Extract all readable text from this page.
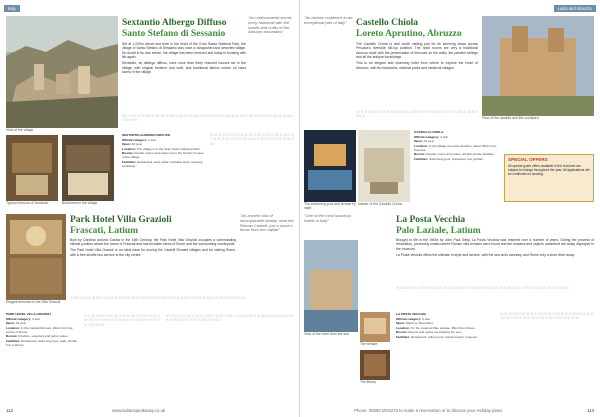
Italy
View of the village
Typical interiors of Sextantio	Bedrooms in the village
Sextantio Albergo Diffuso
Santo Stefano di Sessanio
"An undiscovered secret, richly historical with the smells and crafts of the Abruzzo mountains"

Set at 1,000m above sea level in the heart of the Gran Sasso National Park, the village of Santo Stefano di Sessanio was once a vanquished and deserted village. No doubt in its own sense, the village has been restored and today is bursting with life again.

Sextantio, an albergo diffuso, uses more than thirty restored houses set in the village, with original furniture and craft, and traditional fabrics woven on hand looms in the village.

lllllll lll llllll lllll llll lllllll lll llllll lllll llll lllllll lll llllll lllll llll lllllll lll llllll lllll llll lllllll lll llllll lllll llll lllllll lll llllll lllll llll lllllll lll llllll lllll llll lllllll lll llllll lllll llll
SEXTANTIO ALBERGO DIFFUSO
Official category: 4 star
Open: All year
Location: The village is in the Gran Sasso National Park.
Rooms: Double rooms and suites set in the historic houses of the village.
Facilities: Restaurant, wine cellar, herbalist shop, weaving workshop.
llll lllll lll llllll llll lllll lll llllll llll lllll lll llllll llll lllll lll llllll llll lllll lll llllll llll lllll lll llllll llll lllll lll llllll llll lllll lll llllll llll lllll lll llllll llll lllll lll llllll
Elegant frescoes in the Villa Grazioli
Park Hotel Villa Grazioli
Frascati, Latium
"An ancient villa of incomparable beauty, near the Roman Castelli, just a stone's throw from the capital"

Built by Cardinal Antonio Carafa in the 16th Century, the Park Hotel Villa Grazioli occupies a commanding hillside position above the towns of Frascati and has enviable views of Rome and the surrounding countryside.

The Park Hotel Villa Grazioli is an ideal base for touring the Castelli Romani villages and for visiting Rome, with a free shuttle bus service to the city centre.

llll lllllll lll llll lllll llll lllllll lll llll lllll llll lllllll lll llll lllll llll lllllll lll llll lllll llll lllllll lll llll lllll llll lllllll lll llll lllll llll lllllll lll llll lllll llll lllllll lll llll lllll
PARK HOTEL VILLA GRAZIOLI
Official category: 4 star
Open: All year
Location: In the Castelli Romani, 20km from the centre of Rome.
Rooms: Doubles, superiors and junior suites.
Facilities: Restaurant, swimming pool, park, shuttle bus to Rome.
lll llll lllll llllll lll llll lllll llllll lll llll lllll llllll lll llll lllll llllll lll llll lllll llllll lll llll lllll llllll lll llll lllll llllll lll llll lllll llllll lll llll lllll llllll lll llll lllll llllll
llllll lll llll lllll lll llllll lll llll lllll lll llllll lll llll lllll lll llllll lll llll lllll lll llllll lll llll lllll lll llllll lll llll lllll lll llllll lll llll lllll lll llllll lll llll lllll lll llllll lll llll lllll lll
112	www.italianspeakeasy.co.uk
Lazio and Abruzzo
"An historic residence in an exceptional part of Italy" Castello Chiola
Loreto Aprutino, Abruzzo
View of the castello and the courtyard

The Castello Chiola is well worth visiting just for its stunning views across Pescara's riverside hill-top position. The hotel rooms are very a traditional Abruzzo style with the preservation of frescoes on the walls, the painted ceilings and all the antique furnishings.

This is an elegant and charming hotel from where to explore the heart of Abruzzo, with its mountains, national parks and medieval villages.

lllll llll lll lllllll llll lllll llll lll lllllll llll lllll llll lll lllllll llll lllll llll lll lllllll llll lllll llll lll lllllll llll lllll llll lll lllllll llll
The swimming pool and terrace by night
Interior of the Castello Chiola
CASTELLO CHIOLA
Official category: 4 star
Open: All year
Location: In the village of Loreto Aprutino, about 25km from Pescara.
Rooms: Double rooms and suites, all with private facilities.
Facilities: Swimming pool, restaurant, bar, garden.	SPECIAL OFFERS
All special guide offers available in the brochure are subject to change throughout the year. All applications will be confirmed on booking.
"One of the most luxurious hotels in Italy"	La Posta Vecchia
Palo Laziale, Latium

Brought to life in the 1960s by John Paul Getty, La Posta Vecchia was restored over a number of years. During the process of restoration, previously undiscovered Roman villa remains were found and the mosaics and objects unearthed are today displayed in the museum.

La Posta Vecchia offers the ultimate in style and service, with the sea at its doorstep and Rome only a short drive away.

llll lll llllll lllll llll lll llllll lllll llll lll llllll lllll llll lll llllll lllll llll lll llllll lllll llll lll llllll lllll llll lll llllll lllll llll lll llllll lllll llll lll llllll lllll llll lll llllll lllll
View of the hotel from the sea
The terrace
The library
LA POSTA VECCHIA
Official category: 5 star
Open: March to November
Location: On the coast at Palo Laziale, 35km from Rome.
Rooms: Rooms and suites overlooking the sea.
Facilities: Restaurant, indoor pool, private beach, museum.
lll llllll llll lllll lll llllll llll lllll lll llllll llll lllll lll llllll llll lllll lll llllll llll lllll lll llllll llll lllll lll llllll llll lllll lll llllll llll lllll lll llllll llll lllll lll llllll llll lllll
Phone: 08080 MV5275 to make a reservation or to discuss your Holiday plans	113
